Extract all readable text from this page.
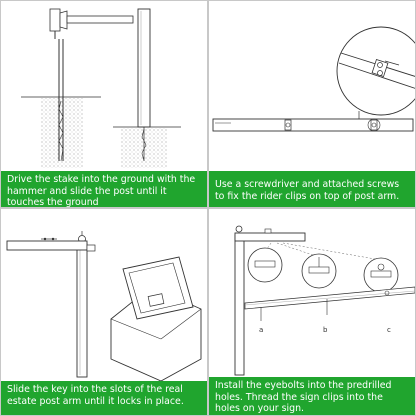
Drive the stake into the ground with the hammer and slide the post until it touches the ground
Use a screwdriver and attached screws to fix the rider clips on top of post arm.
Slide the key into the slots of the real estate post arm until it locks in place.
a	b	c
Install the eyebolts into the predrilled holes. Thread the sign clips into the holes on your sign.
